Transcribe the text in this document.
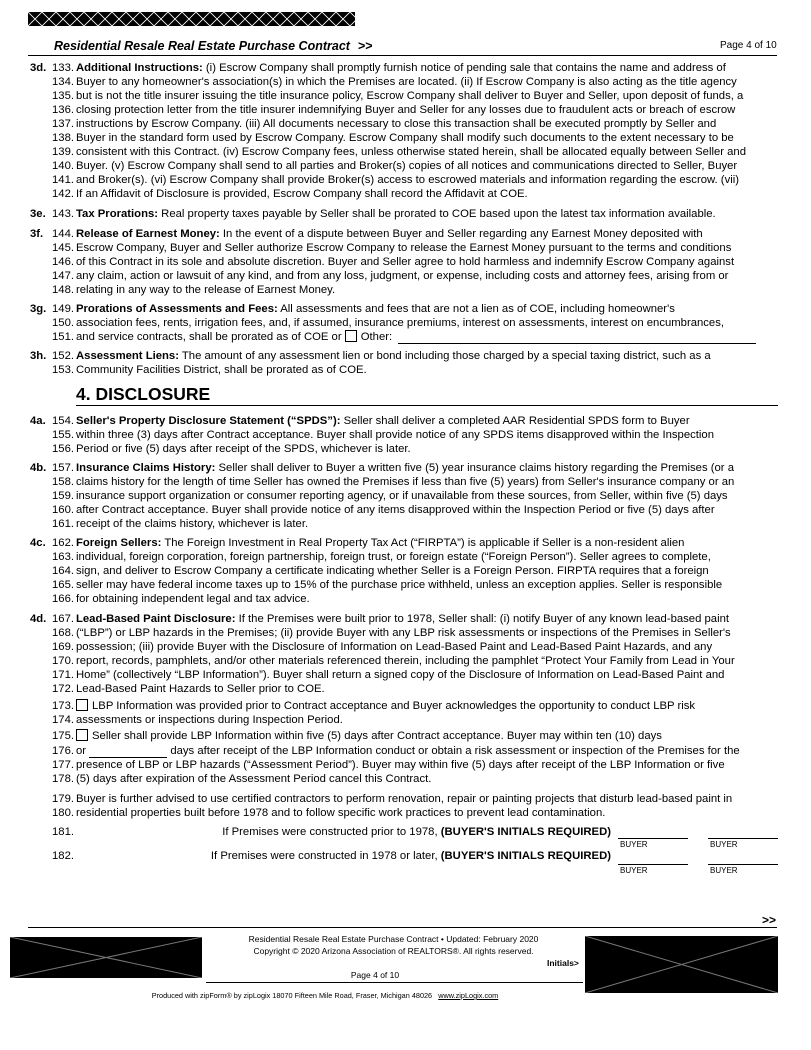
Residential Resale Real Estate Purchase Contract >>	Page 4 of 10
3d. 133. Additional Instructions: (i) Escrow Company shall promptly furnish notice of pending sale that contains the name and address of
134. Buyer to any homeowner's association(s) in which the Premises are located. (ii) If Escrow Company is also acting as the title agency
135. but is not the title insurer issuing the title insurance policy, Escrow Company shall deliver to Buyer and Seller, upon deposit of funds, a
136. closing protection letter from the title insurer indemnifying Buyer and Seller for any losses due to fraudulent acts or breach of escrow
137. instructions by Escrow Company. (iii) All documents necessary to close this transaction shall be executed promptly by Seller and
138. Buyer in the standard form used by Escrow Company. Escrow Company shall modify such documents to the extent necessary to be
139. consistent with this Contract. (iv) Escrow Company fees, unless otherwise stated herein, shall be allocated equally between Seller and
140. Buyer. (v) Escrow Company shall send to all parties and Broker(s) copies of all notices and communications directed to Seller, Buyer
141. and Broker(s). (vi) Escrow Company shall provide Broker(s) access to escrowed materials and information regarding the escrow. (vii)
142. If an Affidavit of Disclosure is provided, Escrow Company shall record the Affidavit at COE.
3e. 143. Tax Prorations: Real property taxes payable by Seller shall be prorated to COE based upon the latest tax information available.
3f. 144. Release of Earnest Money: In the event of a dispute between Buyer and Seller regarding any Earnest Money deposited with
145. Escrow Company, Buyer and Seller authorize Escrow Company to release the Earnest Money pursuant to the terms and conditions
146. of this Contract in its sole and absolute discretion. Buyer and Seller agree to hold harmless and indemnify Escrow Company against
147. any claim, action or lawsuit of any kind, and from any loss, judgment, or expense, including costs and attorney fees, arising from or
148. relating in any way to the release of Earnest Money.
3g. 149. Prorations of Assessments and Fees: All assessments and fees that are not a lien as of COE, including homeowner's
150. association fees, rents, irrigation fees, and, if assumed, insurance premiums, interest on assessments, interest on encumbrances,
151. and service contracts, shall be prorated as of COE or Other:
3h. 152. Assessment Liens: The amount of any assessment lien or bond including those charged by a special taxing district, such as a
153. Community Facilities District, shall be prorated as of COE.
4. DISCLOSURE
4a. 154. Seller's Property Disclosure Statement (“SPDS”): Seller shall deliver a completed AAR Residential SPDS form to Buyer
155. within three (3) days after Contract acceptance. Buyer shall provide notice of any SPDS items disapproved within the Inspection
156. Period or five (5) days after receipt of the SPDS, whichever is later.
4b. 157. Insurance Claims History: Seller shall deliver to Buyer a written five (5) year insurance claims history regarding the Premises (or a
158. claims history for the length of time Seller has owned the Premises if less than five (5) years) from Seller's insurance company or an
159. insurance support organization or consumer reporting agency, or if unavailable from these sources, from Seller, within five (5) days
160. after Contract acceptance. Buyer shall provide notice of any items disapproved within the Inspection Period or five (5) days after
161. receipt of the claims history, whichever is later.
4c. 162. Foreign Sellers: The Foreign Investment in Real Property Tax Act (“FIRPTA”) is applicable if Seller is a non-resident alien
163. individual, foreign corporation, foreign partnership, foreign trust, or foreign estate (“Foreign Person”). Seller agrees to complete,
164. sign, and deliver to Escrow Company a certificate indicating whether Seller is a Foreign Person. FIRPTA requires that a foreign
165. seller may have federal income taxes up to 15% of the purchase price withheld, unless an exception applies. Seller is responsible
166. for obtaining independent legal and tax advice.
4d. 167. Lead-Based Paint Disclosure: If the Premises were built prior to 1978, Seller shall: (i) notify Buyer of any known lead-based paint
168. (“LBP”) or LBP hazards in the Premises; (ii) provide Buyer with any LBP risk assessments or inspections of the Premises in Seller's
169. possession; (iii) provide Buyer with the Disclosure of Information on Lead-Based Paint and Lead-Based Paint Hazards, and any
170. report, records, pamphlets, and/or other materials referenced therein, including the pamphlet “Protect Your Family from Lead in Your
171. Home” (collectively “LBP Information”). Buyer shall return a signed copy of the Disclosure of Information on Lead-Based Paint and
172. Lead-Based Paint Hazards to Seller prior to COE.
173.	LBP Information was provided prior to Contract acceptance and Buyer acknowledges the opportunity to conduct LBP risk
174. assessments or inspections during Inspection Period.
175.	Seller shall provide LBP Information within five (5) days after Contract acceptance. Buyer may within ten (10) days
176. or	days after receipt of the LBP Information conduct or obtain a risk assessment or inspection of the Premises for the
177. presence of LBP or LBP hazards (“Assessment Period”). Buyer may within five (5) days after receipt of the LBP Information or five
178. (5) days after expiration of the Assessment Period cancel this Contract.
179. Buyer is further advised to use certified contractors to perform renovation, repair or painting projects that disturb lead-based paint in
180. residential properties built before 1978 and to follow specific work practices to prevent lead contamination.
181.	If Premises were constructed prior to 1978, (BUYER'S INITIALS REQUIRED)
182.	If Premises were constructed in 1978 or later, (BUYER'S INITIALS REQUIRED)
BUYER	BUYER
BUYER	BUYER
>>
Residential Resale Real Estate Purchase Contract • Updated: February 2020
Copyright © 2020 Arizona Association of REALTORS®. All rights reserved.
Initials>
Page 4 of 10
Produced with zipForm® by zipLogix 18070 Fifteen Mile Road, Fraser, Michigan 48026 www.zipLogix.com
